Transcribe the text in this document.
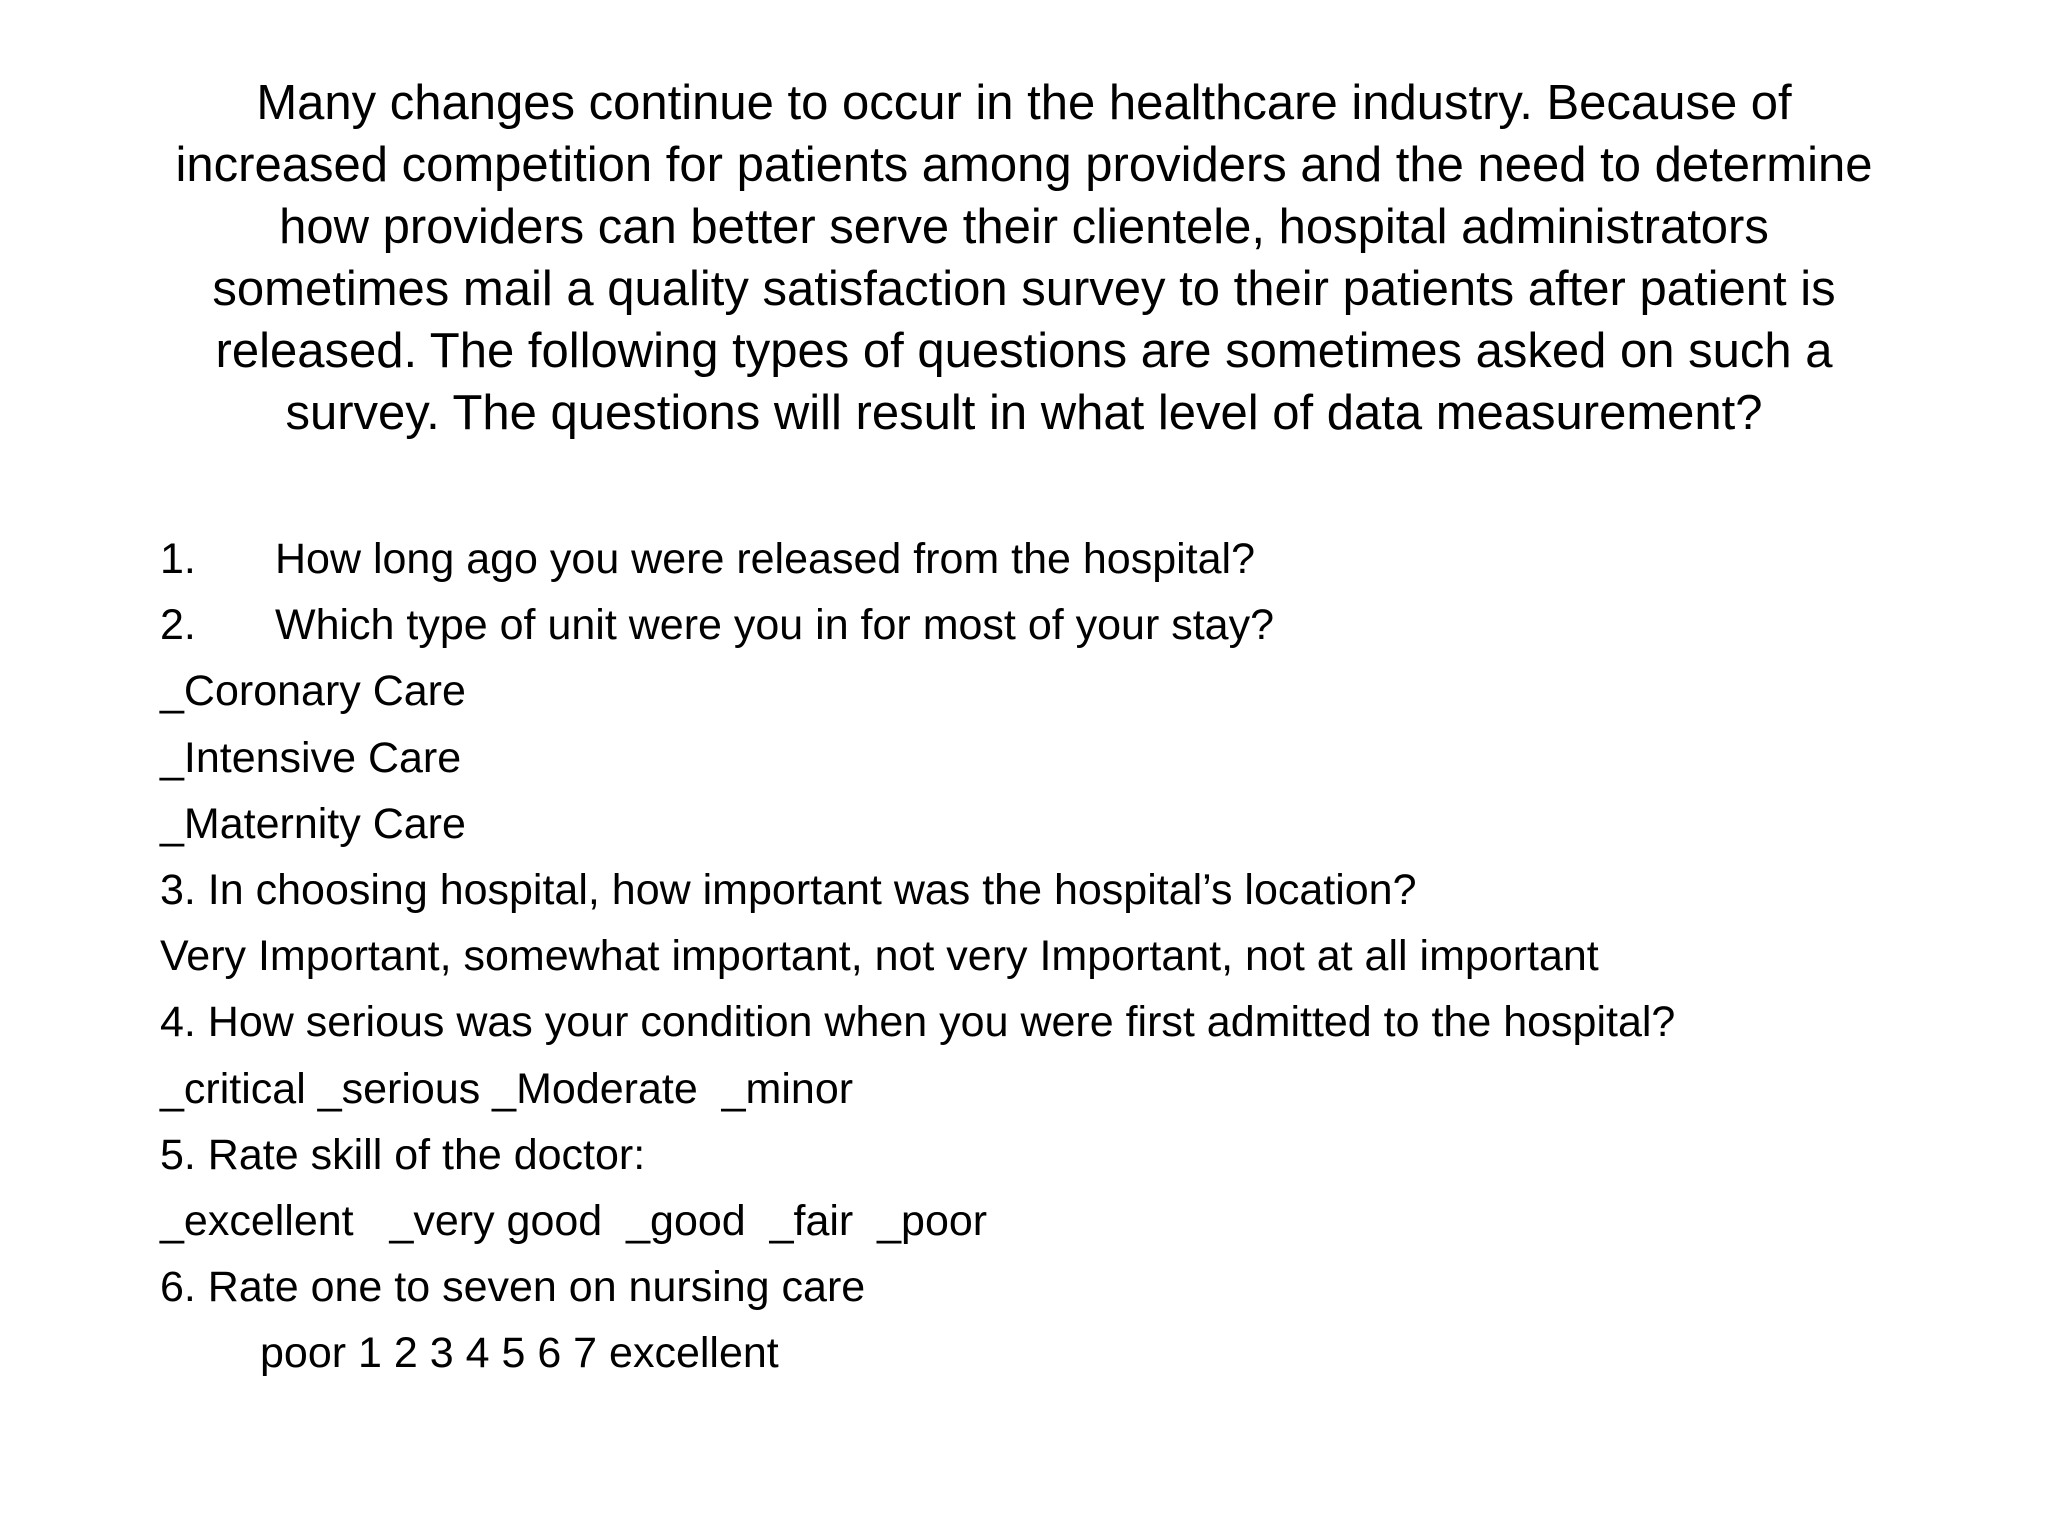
Many changes continue to occur in the healthcare industry. Because of
increased competition for patients among providers and the need to determine
how providers can better serve their clientele, hospital administrators
sometimes mail a quality satisfaction survey to their patients after patient is
released. The following types of questions are sometimes asked on such a
survey. The questions will result in what level of data measurement?
1. How long ago you were released from the hospital?
2. Which type of unit were you in for most of your stay?
_Coronary Care
_Intensive Care
_Maternity Care
3. In choosing hospital, how important was the hospital’s location?
Very Important, somewhat important, not very Important, not at all important
4. How serious was your condition when you were first admitted to the hospital?
_critical _serious _Moderate  _minor
5. Rate skill of the doctor:
_excellent   _very good  _good  _fair  _poor
6. Rate one to seven on nursing care
poor 1 2 3 4 5 6 7 excellent
